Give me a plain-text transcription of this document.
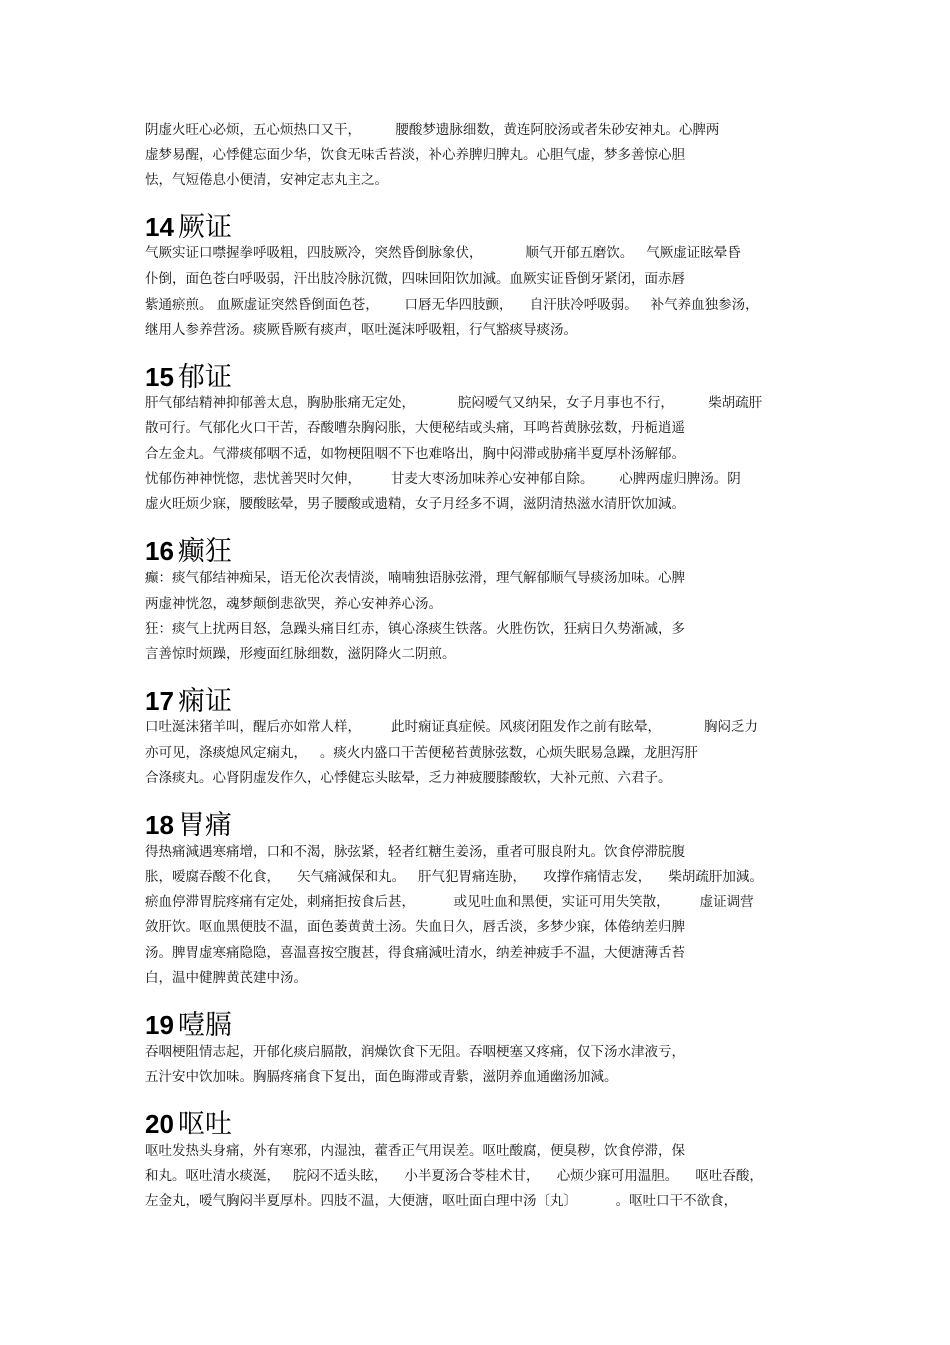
阴虚火旺心必烦，五心烦热口又干，        腰酸梦遗脉细数，黄连阿胶汤或者朱砂安神丸。心脾两
虚梦易醒，心悸健忘面少华，饮食无味舌苔淡，补心养脾归脾丸。心胆气虚，梦多善惊心胆
怯，气短倦息小便清，安神定志丸主之。
14 厥证
气厥实证口噤握拳呼吸粗，四肢厥冷，突然昏倒脉象伏，          顺气开郁五磨饮。   气厥虚证眩晕昏
仆倒，面色苍白呼吸弱，汗出肢冷脉沉微，四味回阳饮加減。血厥实证昏倒牙紧闭，面赤唇
紫通瘀煎。 血厥虚证突然昏倒面色苍，      口唇无华四肢颤，    自汗肤冷呼吸弱。   补气养血独参汤，
继用人参养营汤。痰厥昏厥有痰声，呕吐涎沫呼吸粗，行气豁痰导痰汤。
15 郁证
肝气郁结精神抑郁善太息，胸胁胀痛无定处，          脘闷嗳气又纳呆，女子月事也不行，        柴胡疏肝
散可行。气郁化火口干苦，吞酸嘈杂胸闷胀，大便秘结或头痛，耳鸣苔黄脉弦数，丹栀逍遥
合左金丸。气滞痰郁咽不适，如物梗阻咽不下也难咯出，胸中闷滞或胁痛半夏厚朴汤解郁。
忧郁伤神神恍惚，悲忧善哭时欠伸，       甘麦大枣汤加味养心安神郁自除。      心脾两虚归脾汤。阴
虚火旺烦少寐，腰酸眩晕，男子腰酸或遗精，女子月经多不调，滋阴清热滋水清肝饮加減。
16 癫狂
癫：痰气郁结神痴呆，语无伦次表情淡，喃喃独语脉弦滑，理气解郁顺气导痰汤加味。心脾
两虚神恍忽，魂梦颠倒悲欲哭，养心安神养心汤。
狂：痰气上扰两目怒，急躁头痛目红赤，镇心涤痰生铁落。火胜伤饮，狂病日久势渐减，多
言善惊时烦躁，形瘦面红脉细数，滋阴降火二阴煎。
17 痫证
口吐涎沫猪羊叫，醒后亦如常人样，       此时痫证真症候。风痰闭阻发作之前有眩晕，          胸闷乏力
亦可见，涤痰熄风定痫丸，   。痰火内盛口干苦便秘苔黄脉弦数，心烦失眠易急躁，龙胆泻肝
合涤痰丸。心肾阴虚发作久，心悸健忘头眩晕，乏力神疲腰膝酸软，大补元煎、六君子。
18 胃痛
得热痛減遇寒痛增，口和不渴，脉弦紧，轻者红糖生姜汤，重者可服良附丸。饮食停滞脘腹
胀，嗳腐吞酸不化食，    矢气痛減保和丸。   肝气犯胃痛连胁，    攻撑作痛情志发，    柴胡疏肝加減。
瘀血停滞胃脘疼痛有定处，刺痛拒按食后甚，         或见吐血和黑便，实证可用失笑散，       虚证调营
敛肝饮。呕血黑便肢不温，面色萎黄黄土汤。失血日久，唇舌淡，多梦少寐，体倦纳差归脾
汤。脾胃虚寒痛隐隐，喜温喜按空腹甚，得食痛減吐清水，纳差神疲手不温，大便溏薄舌苔
白，温中健脾黄芪建中汤。
19 噎膈
吞咽梗阻情志起，开郁化痰启膈散，润燥饮食下无阻。吞咽梗塞又疼痛，仅下汤水津液亏，
五汁安中饮加味。胸膈疼痛食下复出，面色晦滞或青紫，滋阴养血通幽汤加減。
20 呕吐
呕吐发热头身痛，外有寒邪，内湿浊，藿香正气用误差。呕吐酸腐，便臭秽，饮食停滞，保
和丸。呕吐清水痰涎，   脘闷不适头眩，    小半夏汤合苓桂术甘，    心烦少寐可用温胆。    呕吐吞酸，
左金丸，嗳气胸闷半夏厚朴。四肢不温，大便溏，呕吐面白理中汤〔丸〕         。呕吐口干不欲食，
